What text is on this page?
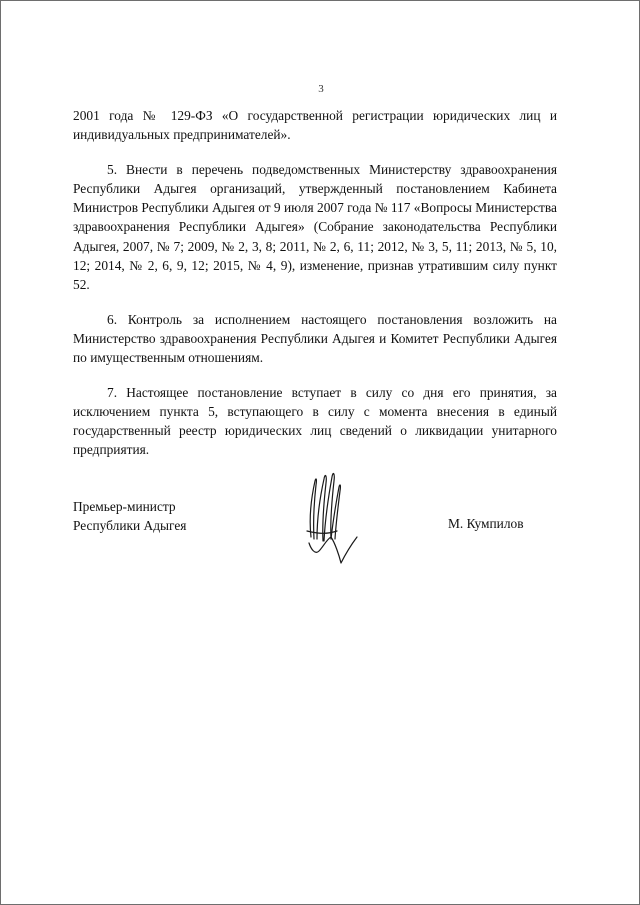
3

2001 года № 129-ФЗ «О государственной регистрации юридических лиц и индивидуальных предпринимателей».

5. Внести в перечень подведомственных Министерству здравоохранения Республики Адыгея организаций, утвержденный постановлением Кабинета Министров Республики Адыгея от 9 июля 2007 года № 117 «Вопросы Министерства здравоохранения Республики Адыгея» (Собрание законодательства Республики Адыгея, 2007, № 7; 2009, № 2, 3, 8; 2011, № 2, 6, 11; 2012, № 3, 5, 11; 2013, № 5, 10, 12; 2014, № 2, 6, 9, 12; 2015, № 4, 9), изменение, признав утратившим силу пункт 52.

6. Контроль за исполнением настоящего постановления возложить на Министерство здравоохранения Республики Адыгея и Комитет Республики Адыгея по имущественным отношениям.

7. Настоящее постановление вступает в силу со дня его принятия, за исключением пункта 5, вступающего в силу с момента внесения в единый государственный реестр юридических лиц сведений о ликвидации унитарного предприятия.

Премьер-министр
Республики Адыгея	М. Кумпилов
